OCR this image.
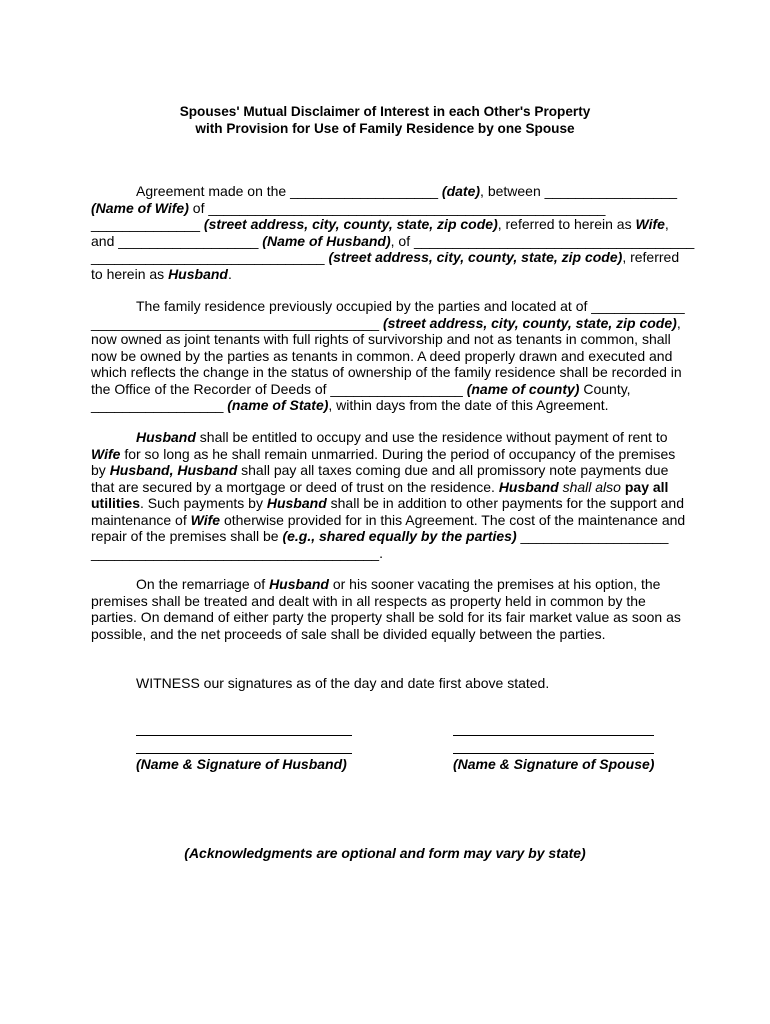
Spouses' Mutual Disclaimer of Interest in each Other's Property
with Provision for Use of Family Residence by one Spouse
Agreement made on the ___________________ (date), between _________________
(Name of Wife) of ___________________________________________________
______________ (street address, city, county, state, zip code), referred to herein as Wife,
and __________________ (Name of Husband), of ____________________________________
______________________________ (street address, city, county, state, zip code), referred
to herein as Husband.
The family residence previously occupied by the parties and located at of ____________
_____________________________________ (street address, city, county, state, zip code),
now owned as joint tenants with full rights of survivorship and not as tenants in common, shall
now be owned by the parties as tenants in common. A deed properly drawn and executed and
which reflects the change in the status of ownership of the family residence shall be recorded in
the Office of the Recorder of Deeds of _________________ (name of county) County,
_________________ (name of State), within days from the date of this Agreement.
Husband shall be entitled to occupy and use the residence without payment of rent to
Wife for so long as he shall remain unmarried. During the period of occupancy of the premises
by Husband, Husband shall pay all taxes coming due and all promissory note payments due
that are secured by a mortgage or deed of trust on the residence. Husband shall also pay all
utilities. Such payments by Husband shall be in addition to other payments for the support and
maintenance of Wife otherwise provided for in this Agreement. The cost of the maintenance and
repair of the premises shall be (e.g., shared equally by the parties) ___________________
_____________________________________.
On the remarriage of Husband or his sooner vacating the premises at his option, the
premises shall be treated and dealt with in all respects as property held in common by the
parties. On demand of either party the property shall be sold for its fair market value as soon as
possible, and the net proceeds of sale shall be divided equally between the parties.
WITNESS our signatures as of the day and date first above stated.
(Name & Signature of Husband)	(Name & Signature of Spouse)
(Acknowledgments are optional and form may vary by state)
